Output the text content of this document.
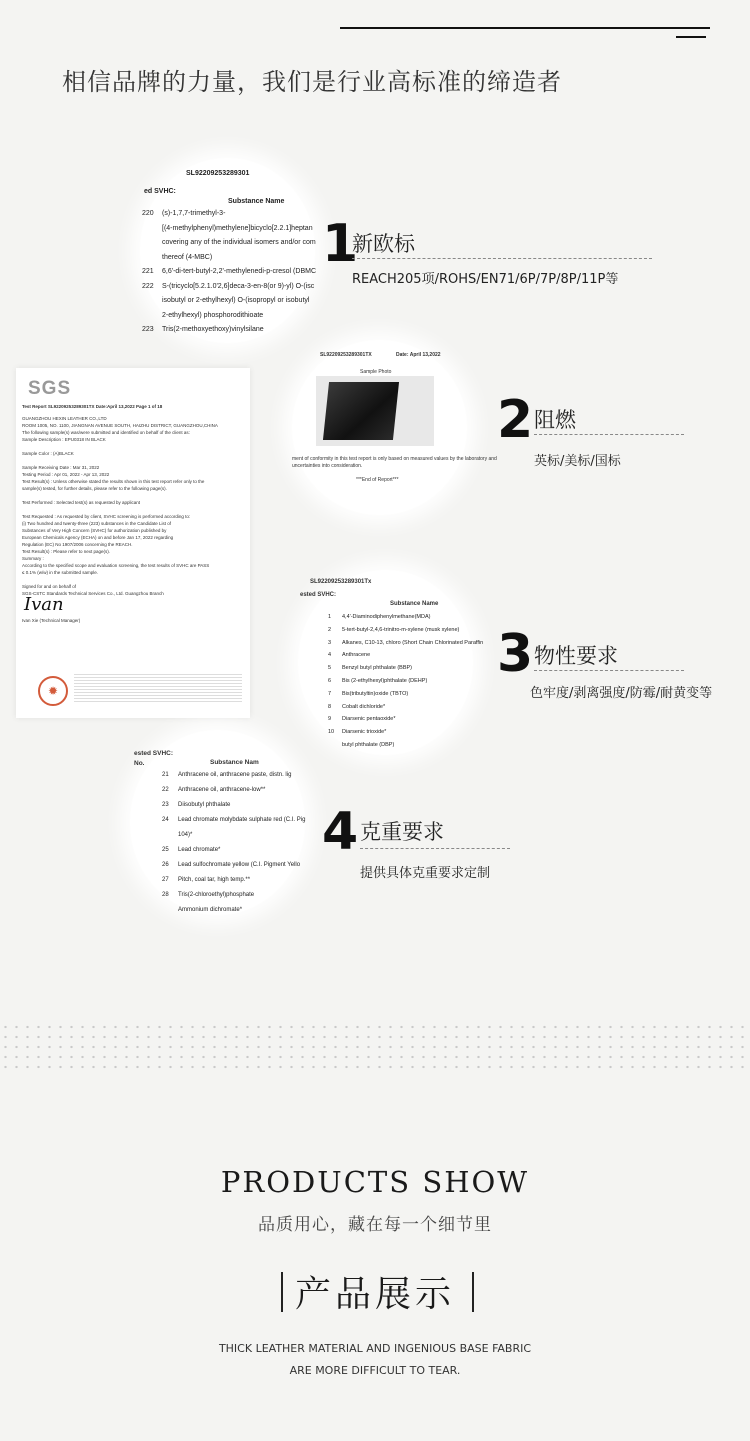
相信品牌的力量，我们是行业高标准的缔造者
SL92209253289301
ed SVHC:
Substance Name
220 (s)-1,7,7-trimethyl-3-
[(4-methylphenyl)methylene]bicyclo[2.2.1]heptan
covering any of the individual isomers and/or com
thereof (4-MBC)
221 6,6'-di-tert-butyl-2,2'-methylenedi-p-cresol (DBMC
222 S-(tricyclo[5.2.1.0'2,6]deca-3-en-8(or 9)-yl) O-(isc
isobutyl or 2-ethylhexyl) O-(isopropyl or isobutyl
2-ethylhexyl) phosphorodithioate
223 Tris(2-methoxyethoxy)vinylsilane
SGS
Test Report SL92209253289301TX Date:April 13,2022 Page 1 of 18
GUANGZHOU HEXIN LEATHER CO.,LTD
ROOM 1005, NO. 1100, JIANGNAN AVENUE SOUTH, HAIZHU DISTRICT, GUANGZHOU,CHINA
The following sample(s) was/were submitted and identified on behalf of the client as:
Sample Description : EPU0318 IN BLACK
Sample Color : (A)BLACK
Sample Receiving Date : Mar 31, 2022
Testing Period : Apr 01, 2022 - Apr 13, 2022
Test Result(s) : Unless otherwise stated the results shown in this test report refer only to the
sample(s) tested, for further details, please refer to the following page(s).
Test Performed : Selected test(s) as requested by applicant
Test Requested : As requested by client, SVHC screening is performed according to:
(i) Two hundred and twenty-three (223) substances in the Candidate List of
Substances of Very High Concern (SVHC) for authorization published by
European Chemicals Agency (ECHA) on and before Jan 17, 2022 regarding
Regulation (EC) No 1907/2006 concerning the REACH.
Test Result(s) : Please refer to next page(s).
Summary :
According to the specified scope and evaluation screening, the test results of SVHC are PASS
≤ 0.1% (w/w) in the submitted sample.
Signed for and on behalf of
SGS-CSTC Standards Technical Services Co., Ltd. Guangzhou Branch
Ivan
Ivan Xie (Technical Manager)
✹
SL92209253289301TX	Date: April 13,2022
Sample Photo
ment of conformity in this test report is only based on measured values by the laboratory and
uncertainties into consideration.
***End of Report***
SL92209253289301Tx
ested SVHC:
Substance Name
1 4,4'-Diaminodiphenylmethane(MDA)
2 5-tert-butyl-2,4,6-trinitro-m-xylene (musk xylene)
3 Alkanes, C10-13, chloro (Short Chain Chlorinated Paraffin
4 Anthracene
5 Benzyl butyl phthalate (BBP)
6 Bis (2-ethylhexyl)phthalate (DEHP)
7 Bis(tributyltin)oxide (TBTO)
8 Cobalt dichloride*
9 Diarsenic pentaoxide*
10 Diarsenic trioxide*
butyl phthalate (DBP)
ested SVHC:
No.	Substance Nam
21 Anthracene oil, anthracene paste, distn. lig
22 Anthracene oil, anthracene-low**
23 Diisobutyl phthalate
24 Lead chromate molybdate sulphate red (C.I. Pig
104)*
25 Lead chromate*
26 Lead sulfochromate yellow (C.I. Pigment Yello
27 Pitch, coal tar, high temp.**
28 Tris(2-chloroethyl)phosphate
Ammonium dichromate*
1
新欧标
REACH205项/ROHS/EN71/6P/7P/8P/11P等
2 阻燃
英标/美标/国标
3 物性要求
色牢度/剥离强度/防霉/耐黄变等
4 克重要求
提供具体克重要求定制
PRODUCTS SHOW
品质用心，藏在每一个细节里
产品展示
THICK LEATHER MATERIAL AND INGENIOUS BASE FABRIC
ARE MORE DIFFICULT TO TEAR.
